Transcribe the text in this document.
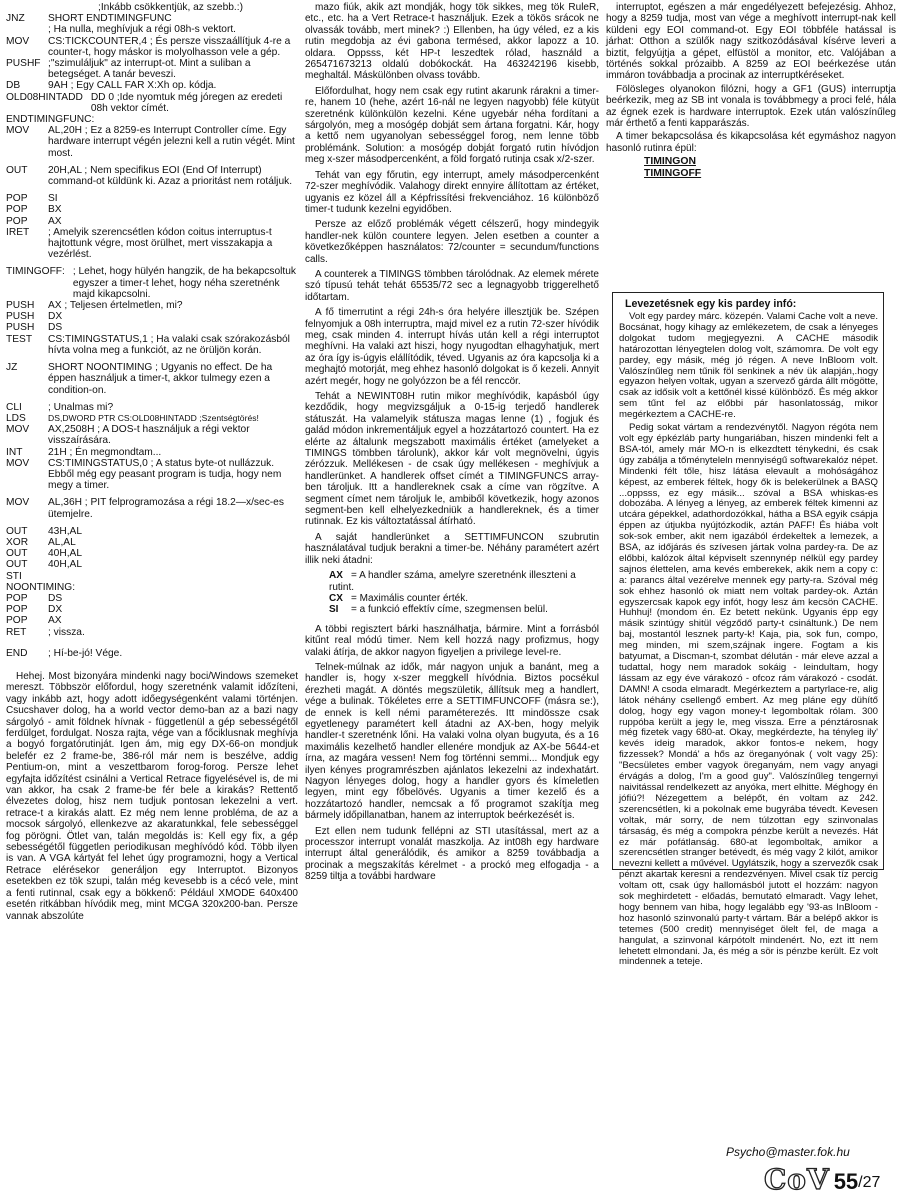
;Inkább csökkentjük, az szebb.:)
JNZ	SHORT ENDTIMINGFUNC
; Ha nulla, meghívjuk a régi 08h-s vektort.
MOV	CS:TICKCOUNTER,4 ; És persze visszaállítjuk 4-re a counter-t, hogy máskor is molyolhasson vele a gép.
PUSHF ;"szimuláljuk" az interrupt-ot. Mint a suliban a betegséget. A tanár beveszi.
DB	9AH ; Egy CALL FAR X:Xh op. kódja.
OLD08HINTADD DD 0 ;Ide nyomtuk még jóregen az eredeti 08h vektor címét.
ENDTIMINGFUNC:
MOV	AL,20H ; Ez a 8259-es Interrupt Controller címe. Egy hardware interrupt végén jelezni kell a rutin végét. Mint most.
OUT	20H,AL ; Nem specifikus EOI (End Of Interrupt) command-ot küldünk ki. Azaz a prioritást nem rotáljuk.
POP	SI
POP	BX
POP	AX
IRET	; Amelyik szerencsétlen kódon coitus interruptus-t hajtottunk végre, most örülhet, mert visszakapja a vezérlést.
TIMINGOFF: ; Lehet, hogy hülyén hangzik, de ha bekapcsoltuk egyszer a timer-t lehet, hogy néha szeretnénk majd kikapcsolni.
PUSH	AX ; Teljesen értelmetlen, mi?
PUSH	DX
PUSH	DS
TEST	CS:TIMINGSTATUS,1 ; Ha valaki csak szórakozásból hívta volna meg a funkciót, az ne örüljön korán.
JZ	SHORT NOONTIMING ; Ugyanis no effect. De ha éppen használjuk a timer-t, akkor tulmegy ezen a condition-on.
CLI	; Unalmas mi?
LDS	DS,DWORD PTR CS:OLD08HINTADD ;Szentségtörés!
MOV	AX,2508H ; A DOS-t használjuk a régi vektor visszaírására.
INT	21H ; Én megmondtam...
MOV	CS:TIMINGSTATUS,0 ; A status byte-ot nullázzuk. Ebből még egy peasant program is tudja, hogy nem megy a timer.
MOV	AL,36H ; PIT felprogramozása a régi 18.2—x/sec-es ütemjelre.
OUT	43H,AL
XOR	AL,AL
OUT	40H,AL
OUT	40H,AL
STI
NOONTIMING:
POP	DS
POP	DX
POP	AX
RET	; vissza.
END	; Hí-be-jó! Vége.

Hehej. Most bizonyára mindenki nagy boci/Windows szemeket mereszt. Többször előfordul, hogy szeretnénk valamit időzíteni, vagy inkább azt, hogy adott időegységenként valami történjen. Csucshaver dolog, ha a world vector demo-ban az a bazi nagy sárgolyó - amit földnek hívnak - függetlenül a gép sebességétől ferdülget, fordulgat. Nosza rajta, vége van a főciklusnak meghívja a bogyó forgatórutinját. Igen ám, mig egy DX-66-on mondjuk belefér ez 2 frame-be, 386-ról már nem is beszélve, addig Pentium-on, mint a veszettbarom forog-forog. Persze lehet egyfajta időzítést csinálni a Vertical Retrace figyelésével is, de mi van akkor, ha csak 2 frame-be fér bele a kirakás? Rettentő élvezetes dolog, hisz nem tudjuk pontosan lekezelni a vert. retrace-t a kirakás alatt. Ez még nem lenne probléma, de az a mocsok sárgolyó, ellenkezve az akaratunkkal, fele sebességgel fog pörögni. Ötlet van, talán megoldás is: Kell egy fix, a gép sebességétől független periodikusan meghívódó kód. Több ilyen is van. A VGA kártyát fel lehet úgy programozni, hogy a Vertical Retrace elérésekor generáljon egy Interruptot. Bizonyos esetekben ez tök szupi, talán még kevesebb is a cécó vele, mint a fenti rutinnal, csak egy a bökkenő: Például XMODE 640x400 esetén ritkábban hívódik meg, mint MCGA 320x200-ban. Persze vannak abszolúte

mazo fiúk, akik azt mondják, hogy tök sikkes, meg tök RuleR, etc., etc. ha a Vert Retrace-t használjuk. Ezek a tökös srácok ne olvassák tovább, mert minek? :) Ellenben, ha úgy véled, ez a kis rutin megdobja az évi gabona termésed, akkor lapozz a 10. oldara. Oppsss, két HP-t leszedtek rólad, használd a 265471673213 oldalú dobókockát. Ha 463242196 kisebb, meghaltál. Máskülönben olvass tovább.

Előfordulhat, hogy nem csak egy rutint akarunk rárakni a timer-re, hanem 10 (hehe, azért 16-nál ne legyen nagyobb) féle kütyüt szeretnénk különkülön kezelni. Kéne ugyebár néha fordítani a sárgolyón, meg a mosógép dobját sem ártana forgatni. Kár, hogy a kettő nem ugyanolyan sebességgel forog, nem lenne több problémánk. Solution: a mosógép dobját forgató rutin hívódjon meg x-szer másodpercenként, a föld forgató rutinja csak x/2-szer.

Tehát van egy főrutin, egy interrupt, amely másodpercenként 72-szer meghívódik. Valahogy direkt ennyire állítottam az értéket, ugyanis ez közel áll a Képfrissítési frekvenciához. 16 különböző timer-t tudunk kezelni egyidőben.

Persze az előző problémák végett célszerű, hogy mindegyik handler-nek külön countere legyen. Jelen esetben a counter a következőképpen használatos: 72/counter = secundum/functions calls.

A counterek a TIMINGS tömbben tárolódnak. Az elemek mérete szó típusú tehát tehát 65535/72 sec a legnagyobb triggerelhető időtartam.

A fő timerrutint a régi 24h-s óra helyére illesztjük be. Szépen felnyomjuk a 08h interruptra, majd mivel ez a rutin 72-szer hívódik meg, csak minden 4. interrupt hívás után kell a régi interruptot meghívni. Ha valaki azt hiszi, hogy nyugodtan elhagyhatjuk, mert az óra így is-úgyis elállítódik, téved. Ugyanis az óra kapcsolja ki a meghajtó motorját, meg ehhez hasonló dolgokat is ő kezeli. Annyit azért megér, hogy ne golyózzon be a fél renccör.

Tehát a NEWINT08H rutin mikor meghívódik, kapásból úgy kezdődik, hogy megvizsgáljuk a 0-15-ig terjedő handlerek státuszát. Ha valamelyik státusza magas lenne (1) , fogjuk és galád módon inkrementáljuk egyel a hozzátartozó countert. Ha ez elérte az általunk megszabott maximális értéket (amelyeket a TIMINGS tömbben tárolunk), akkor kár volt megnövelni, úgyis zérózzuk. Mellékesen - de csak úgy mellékesen - meghívjuk a handlerünket. A handlerek offset címét a TIMINGFUNCS array-ben tároljuk. Itt a handlereknek csak a címe van rögzítve. A segment címet nem tároljuk le, ambiből következik, hogy azonos segment-ben kell elhelyezkedniük a handlereknek, és a timer rutinnak. Ez kis változtatással átírható.

A saját handlerünket a SETTIMFUNCON szubrutin használatával tudjuk berakni a timer-be. Néhány paramétert azért illik neki átadni:

AX = A handler száma, amelyre szeretnénk illeszteni a rutint.
CX = Maximális counter érték.
SI = a funkció effektív címe, szegmensen belül.

A többi regisztert bárki használhatja, bármire. Mint a forrásból kitűnt real módú timer. Nem kell hozzá nagy profizmus, hogy valaki átírja, de akkor nagyon figyeljen a privilege level-re.

Telnek-múlnak az idők, már nagyon unjuk a banánt, meg a handler is, hogy x-szer meggkell hívódnia. Biztos pocsékul érezheti magát. A döntés megszületik, állítsuk meg a handlert, vége a bulinak. Tökéletes erre a SETTIMFUNCOFF (másra se:), de ennek is kell némi paraméterezés. Itt mindössze csak egyetlenegy paramétert kell átadni az AX-ben, hogy melyik handler-t szeretnénk lőni. Ha valaki volna olyan bugyuta, és a 16 maximális kezelhető handler ellenére mondjuk az AX-be 5644-et írna, az magára vessen! Nem fog történni semmi... Mondjuk egy ilyen kényes programrészben ajánlatos lekezelni az indexhatárt. Nagyon lényeges dolog, hogy a handler gyors és kímeletlen legyen, mint egy főbelövés. Ugyanis a timer kezelő és a hozzátartozó handler, nemcsak a fő programot szakítja meg bármely időpillanatban, hanem az interruptok beérkezését is.

Ezt ellen nem tudunk fellépni az STI utasítással, mert az a processzor interrupt vonalát maszkolja. Az int08h egy hardware interrupt által generálódik, és amikor a 8259 továbbadja a procinak a megszakítás kérelmet - a prockó meg elfogadja - a 8259 tiltja a további hardware

interruptot, egészen a már engedélyezett befejezésig. Ahhoz, hogy a 8259 tudja, most van vége a meghívott interrupt-nak kell küldeni egy EOI command-ot. Egy EOI többféle hatással is járhat: Otthon a szülők nagy szitkozódásával kísérve leveri a biztit, felgyújtja a gépet, elfüstöl a monitor, etc. Valójában a történés sokkal prózaibb. A 8259 az EOI beérkezése után immáron továbbadja a procinak az interruptkéréseket.

Fölösleges olyanokon filózni, hogy a GF1 (GUS) interruptja beérkezik, meg az SB int vonala is továbbmegy a proci felé, hála az égnek ezek is hardware interruptok. Ezek után valószínűleg már érthető a fenti kapparászás.

A timer bekapcsolása és kikapcsolása két egymáshoz nagyon hasonló rutinra épül:

TIMINGON
TIMINGOFF
Levezetésnek egy kis pardey infó:

Volt egy pardey márc. közepén. Valami Cache volt a neve. Bocsánat, hogy kihagy az emlékezetem, de csak a lényeges dolgokat tudom megjegyezni. A CACHE második határozottan lényegtelen dolog volt, számomra. De volt egy pardey, egy másik, még jó régen. A neve InBloom volt. Valószínűleg nem tűnik föl senkinek a név ük alapján,.hogy egyazon helyen voltak, ugyan a szervező gárda állt mögötte, csak az idősik volt a kettőnél kissé különböző. És még akkor sem tűnt fel az előbbi pár hasonlatosság, mikor megérkeztem a CACHE-re.

Pedig sokat vártam a rendezvénytől. Nagyon régóta nem volt egy épkézláb party hungariában, hiszen mindenki felt a BSA-tól, amely már MO-n is elkezdtett ténykedni, és csak úgy zabálja a tőményteleln mennyiségű softwarekalóz népet. Mindenki félt tőle, hisz látása elevault a mohóságához képest, az emberek féltek, hogy ők is belekerülnek a BASQ ...oppsss, ez egy másik... szóval a BSA whiskas-es dobozába. A lényeg a lényeg, az emberek féltek kimenni az utcára gépekkel, adathordozókkal, hátha a BSA egyik csápja éppen az útjukba nyújtózkodik, aztán PAFF! És hiába volt sok-sok ember, akit nem igazából érdekeltek a lemezek, a BSA, az időjárás és szívesen jártak volna pardey-ra. De az előbbi, kalózok által képviselt szennynép nélkül egy pardey sajnos élettelen, ama kevés emberekek, akik nem a copy c: a: parancs által vezérelve mennek egy party-ra. Szóval még sok ehhez hasonló ok miatt nem voltak pardey-ok. Aztán egyszercsak kapok egy infót, hogy lesz ám kecsön CACHE. Huhhuj! (mondom én. Ez betett nekünk. Ugyanis épp egy másik szintúgy shitül végződő party-t csináltunk.) De nem baj, mostantól lesznek party-k! Kaja, pia, sok fun, compo, meg minden, mi szem,szájnak ingere. Fogtam a kis batyumat, a Discman-t, szombat délután - már eleve azzal a tudattal, hogy nem maradok sokáig - leindultam, hogy lássam az egy éve várakozó - ofcoz rám várakozó - csodát. DAMN! A csoda elmaradt. Megérkeztem a partyrlace-re, alig látok néhány csellengő embert. Az meg pláne egy dühítő dolog, hogy egy vagon money-t legomboltak rólam. 300 ruppóba került a jegy le, meg vissza. Erre a pénztárosnak még fizetek vagy 680-at. Okay, megkérdezte, ha tényleg ily' kevés ideig maradok, akkor fontos-e nekem, hogy fizzessek? Mondá' a hős az öreganyónak ( volt vagy 25): "Becsületes ember vagyok öreganyám, nem vagy anyagi érvágás a dolog, I'm a good guy". Valószínűleg tengernyi naivitással rendelkezett az anyóka, mert elhitte. Méghogy én jófiú?! Nézegettem a belépőt, én voltam az 242. szerencsétlen, ki a pokolnak eme bugyrába tévedt. Kevesen voltak, már sorry, de nem túlzottan egy szinvonalas társaság, és még a compokra pénzbe került a nevezés. Hát ez már pofátlanság. 680-at legomboltak, amikor a szerencsétlen stranger betévedt, és még vagy 2 kilót, amikor nevezni kellett a művével. Ugylátszik, hogy a szervezők csak pénzt akartak keresni a rendezvényen. Mivel csak tíz percig voltam ott, csak úgy hallomásból jutott el hozzám: nagyon sok meghirdetett - előadás, bemutató elmaradt. Vagy lehet, hogy bennem van hiba, hogy legalább egy '93-as InBloom -hoz hasonló szinvonalú party-t vártam. Bár a belépő akkor is tetemes (500 credit) mennyiséget ölelt fel, de maga a hangulat, a szinvonal kárpótolt mindenért. No, ezt itt nem lehetett elmondani. Ja, és még a sör is pénzbe került. Ez volt mindennek a teteje.

Psycho@master.fok.hu
CoV 55 /27
